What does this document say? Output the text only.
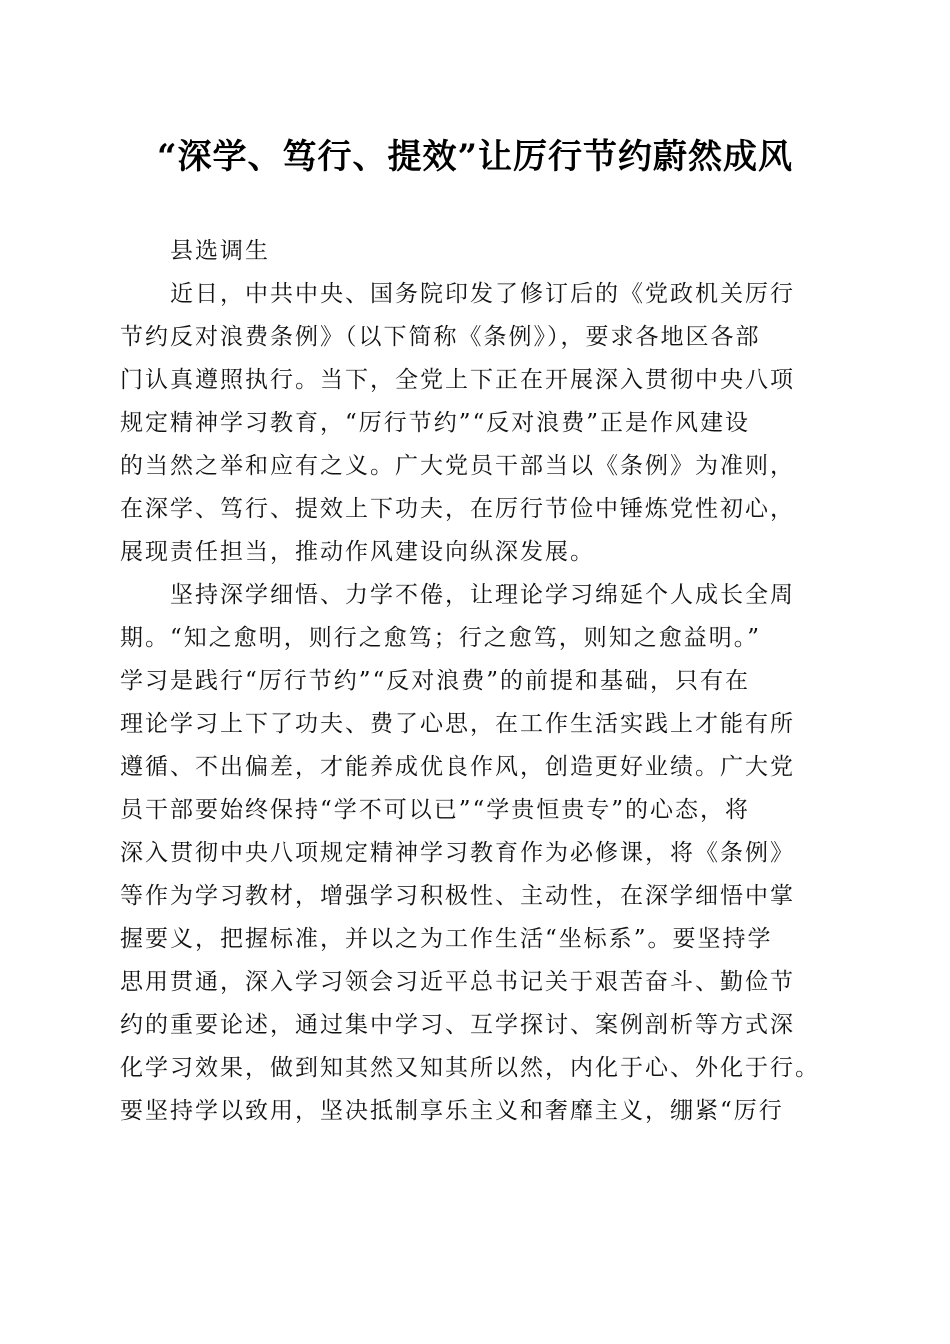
“深学、笃行、提效”让厉行节约蔚然成风
县选调生
近日，中共中央、国务院印发了修订后的《党政机关厉行
节约反对浪费条例》（以下简称《条例》），要求各地区各部
门认真遵照执行。当下，全党上下正在开展深入贯彻中央八项
规定精神学习教育，“厉行节约”“反对浪费”正是作风建设
的当然之举和应有之义。广大党员干部当以《条例》为准则，
在深学、笃行、提效上下功夫，在厉行节俭中锤炼党性初心，
展现责任担当，推动作风建设向纵深发展。
坚持深学细悟、力学不倦，让理论学习绵延个人成长全周
期。“知之愈明，则行之愈笃；行之愈笃，则知之愈益明。”
学习是践行“厉行节约”“反对浪费”的前提和基础，只有在
理论学习上下了功夫、费了心思，在工作生活实践上才能有所
遵循、不出偏差，才能养成优良作风，创造更好业绩。广大党
员干部要始终保持“学不可以已”“学贵恒贵专”的心态，将
深入贯彻中央八项规定精神学习教育作为必修课，将《条例》
等作为学习教材，增强学习积极性、主动性，在深学细悟中掌
握要义，把握标准，并以之为工作生活“坐标系”。要坚持学
思用贯通，深入学习领会习近平总书记关于艰苦奋斗、勤俭节
约的重要论述，通过集中学习、互学探讨、案例剖析等方式深
化学习效果，做到知其然又知其所以然，内化于心、外化于行。
要坚持学以致用，坚决抵制享乐主义和奢靡主义，绷紧“厉行
